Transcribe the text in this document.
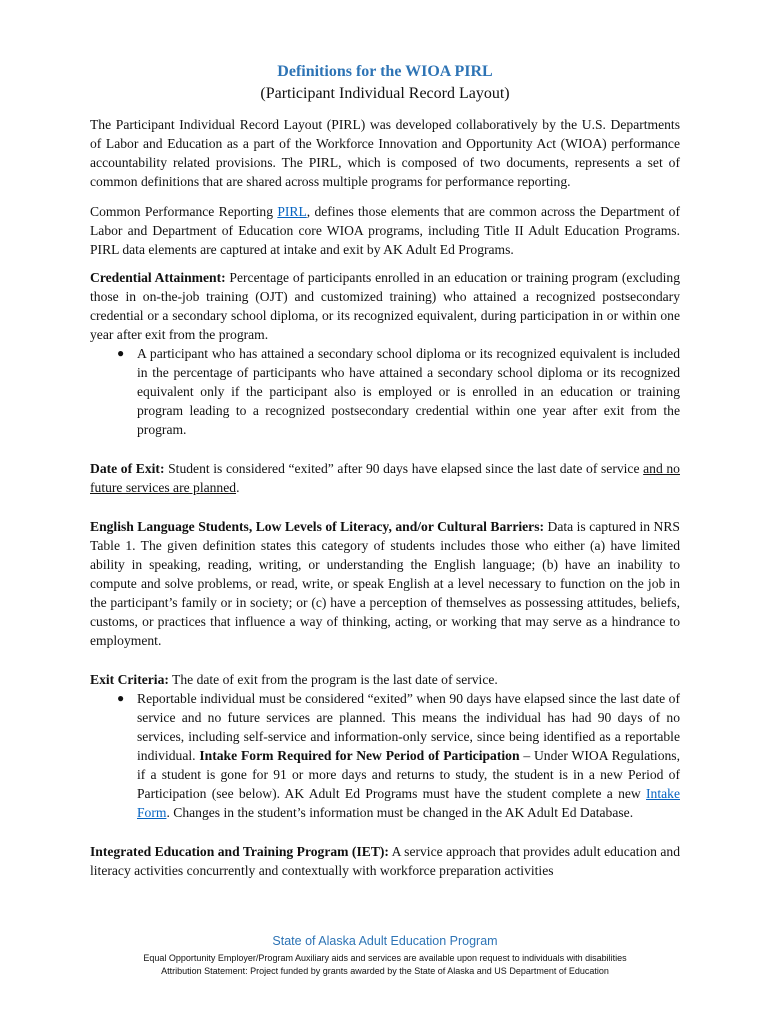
Definitions for the WIOA PIRL
(Participant Individual Record Layout)

The Participant Individual Record Layout (PIRL) was developed collaboratively by the U.S. Departments of Labor and Education as a part of the Workforce Innovation and Opportunity Act (WIOA) performance accountability related provisions. The PIRL, which is composed of two documents, represents a set of common definitions that are shared across multiple programs for performance reporting.

Common Performance Reporting PIRL, defines those elements that are common across the Department of Labor and Department of Education core WIOA programs, including Title II Adult Education Programs. PIRL data elements are captured at intake and exit by AK Adult Ed Programs.

Credential Attainment: Percentage of participants enrolled in an education or training program (excluding those in on-the-job training (OJT) and customized training) who attained a recognized postsecondary credential or a secondary school diploma, or its recognized equivalent, during participation in or within one year after exit from the program.

● A participant who has attained a secondary school diploma or its recognized equivalent is included in the percentage of participants who have attained a secondary school diploma or its recognized equivalent only if the participant also is employed or is enrolled in an education or training program leading to a recognized postsecondary credential within one year after exit from the program.

Date of Exit: Student is considered “exited” after 90 days have elapsed since the last date of service and no future services are planned.

English Language Students, Low Levels of Literacy, and/or Cultural Barriers: Data is captured in NRS Table 1. The given definition states this category of students includes those who either (a) have limited ability in speaking, reading, writing, or understanding the English language; (b) have an inability to compute and solve problems, or read, write, or speak English at a level necessary to function on the job in the participant’s family or in society; or (c) have a perception of themselves as possessing attitudes, beliefs, customs, or practices that influence a way of thinking, acting, or working that may serve as a hindrance to employment.

Exit Criteria: The date of exit from the program is the last date of service.

● Reportable individual must be considered “exited” when 90 days have elapsed since the last date of service and no future services are planned. This means the individual has had 90 days of no services, including self-service and information-only service, since being identified as a reportable individual. Intake Form Required for New Period of Participation – Under WIOA Regulations, if a student is gone for 91 or more days and returns to study, the student is in a new Period of Participation (see below). AK Adult Ed Programs must have the student complete a new Intake Form. Changes in the student’s information must be changed in the AK Adult Ed Database.

Integrated Education and Training Program (IET): A service approach that provides adult education and literacy activities concurrently and contextually with workforce preparation activities

State of Alaska Adult Education Program
Equal Opportunity Employer/Program Auxiliary aids and services are available upon request to individuals with disabilities
Attribution Statement: Project funded by grants awarded by the State of Alaska and US Department of Education
